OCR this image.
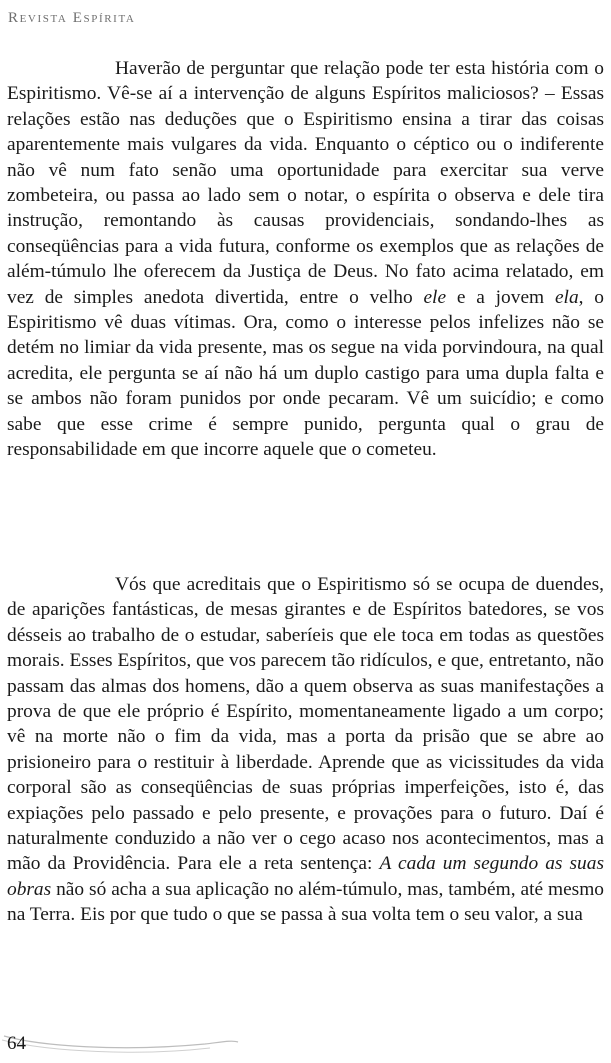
Revista Espírita

Haverão de perguntar que relação pode ter esta história com o Espiritismo. Vê-se aí a intervenção de alguns Espíritos maliciosos? – Essas relações estão nas deduções que o Espiritismo ensina a tirar das coisas aparentemente mais vulgares da vida. Enquanto o céptico ou o indiferente não vê num fato senão uma oportunidade para exercitar sua verve zombeteira, ou passa ao lado sem o notar, o espírita o observa e dele tira instrução, remontando às causas providenciais, sondando-lhes as conseqüências para a vida futura, conforme os exemplos que as relações de além-túmulo lhe oferecem da Justiça de Deus. No fato acima relatado, em vez de simples anedota divertida, entre o velho ele e a jovem ela, o Espiritismo vê duas vítimas. Ora, como o interesse pelos infelizes não se detém no limiar da vida presente, mas os segue na vida porvindoura, na qual acredita, ele pergunta se aí não há um duplo castigo para uma dupla falta e se ambos não foram punidos por onde pecaram. Vê um suicídio; e como sabe que esse crime é sempre punido, pergunta qual o grau de responsabilidade em que incorre aquele que o cometeu.

Vós que acreditais que o Espiritismo só se ocupa de duendes, de aparições fantásticas, de mesas girantes e de Espíritos batedores, se vos désseis ao trabalho de o estudar, saberíeis que ele toca em todas as questões morais. Esses Espíritos, que vos parecem tão ridículos, e que, entretanto, não passam das almas dos homens, dão a quem observa as suas manifestações a prova de que ele próprio é Espírito, momentaneamente ligado a um corpo; vê na morte não o fim da vida, mas a porta da prisão que se abre ao prisioneiro para o restituir à liberdade. Aprende que as vicissitudes da vida corporal são as conseqüências de suas próprias imperfeições, isto é, das expiações pelo passado e pelo presente, e provações para o futuro. Daí é naturalmente conduzido a não ver o cego acaso nos acontecimentos, mas a mão da Providência. Para ele a reta sentença: A cada um segundo as suas obras não só acha a sua aplicação no além-túmulo, mas, também, até mesmo na Terra. Eis por que tudo o que se passa à sua volta tem o seu valor, a sua

64
